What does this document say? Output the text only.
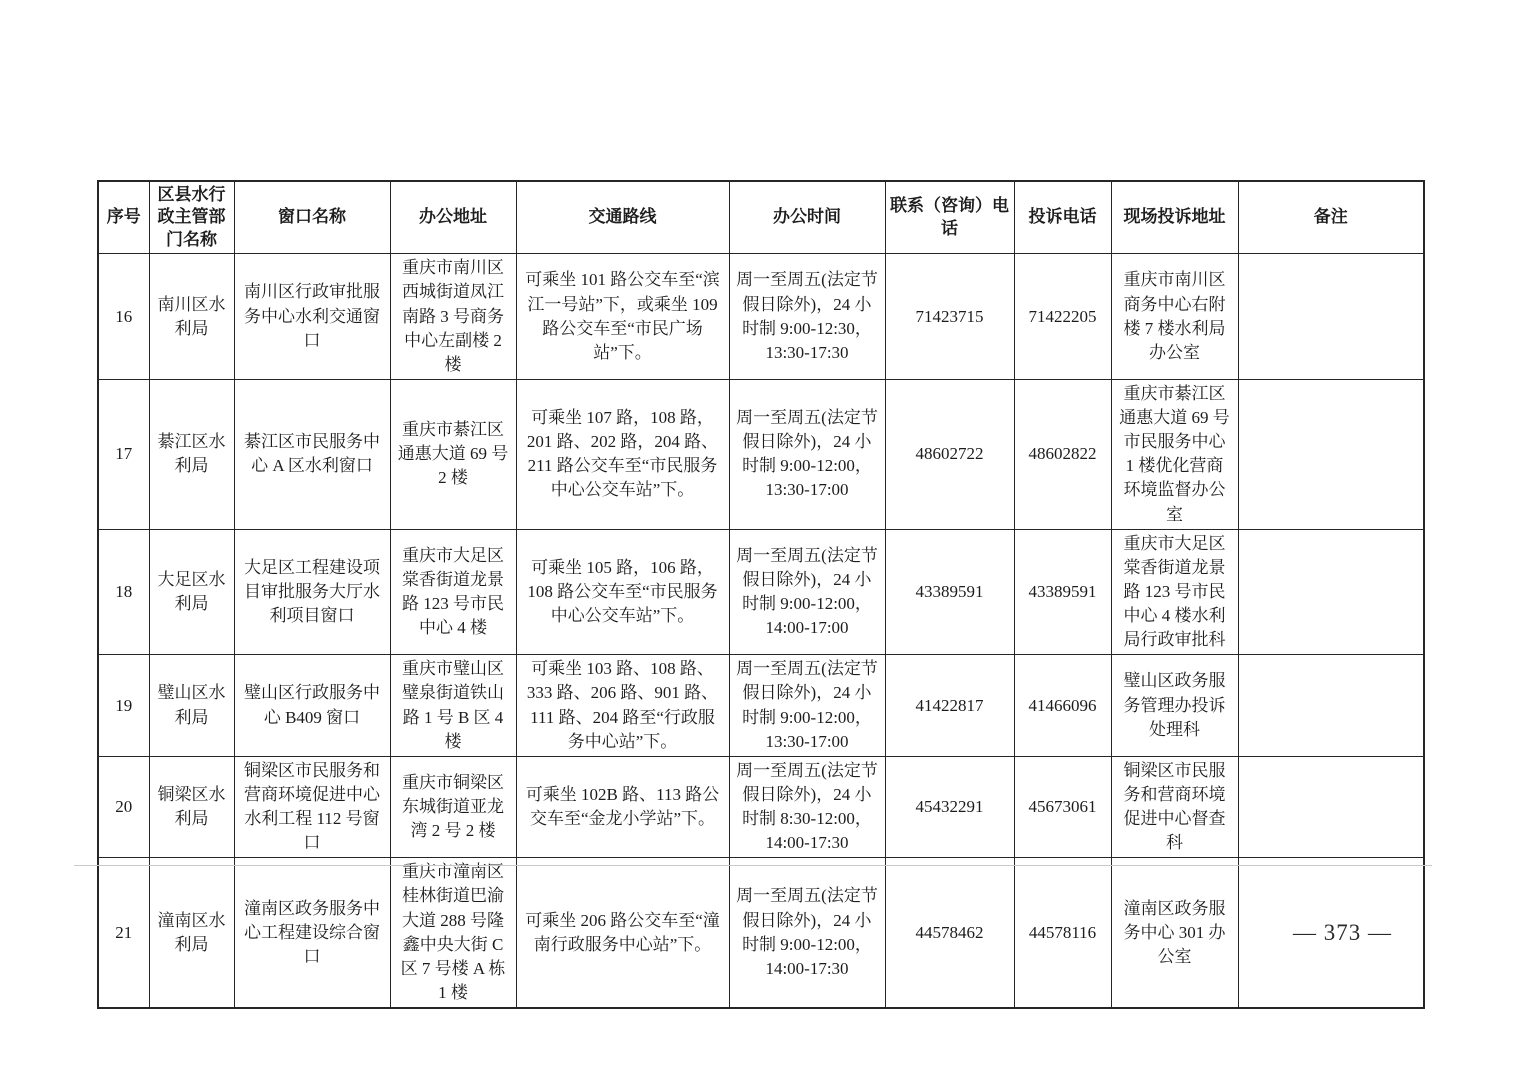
序号	区县水行政主管部门名称	窗口名称	办公地址	交通路线	办公时间	联系（咨询）电话	投诉电话	现场投诉地址	备注
16	南川区水利局	南川区行政审批服务中心水利交通窗口	重庆市南川区西城街道凤江南路 3 号商务中心左副楼 2 楼	可乘坐 101 路公交车至“滨江一号站”下，或乘坐 109 路公交车至“市民广场站”下。	周一至周五(法定节假日除外)，24 小时制 9:00-12:30，13:30-17:30	71423715	71422205	重庆市南川区商务中心右附楼 7 楼水利局办公室	
17	綦江区水利局	綦江区市民服务中心 A 区水利窗口	重庆市綦江区通惠大道 69 号 2 楼	可乘坐 107 路，108 路，201 路、202 路，204 路、211 路公交车至“市民服务中心公交车站”下。	周一至周五(法定节假日除外)，24 小时制 9:00-12:00，13:30-17:00	48602722	48602822	重庆市綦江区通惠大道 69 号市民服务中心 1 楼优化营商环境监督办公室	
18	大足区水利局	大足区工程建设项目审批服务大厅水利项目窗口	重庆市大足区棠香街道龙景路 123 号市民中心 4 楼	可乘坐 105 路，106 路，108 路公交车至“市民服务中心公交车站”下。	周一至周五(法定节假日除外)，24 小时制 9:00-12:00，14:00-17:00	43389591	43389591	重庆市大足区棠香街道龙景路 123 号市民中心 4 楼水利局行政审批科	
19	璧山区水利局	璧山区行政服务中心 B409 窗口	重庆市璧山区璧泉街道铁山路 1 号 B 区 4 楼	可乘坐 103 路、108 路、333 路、206 路、901 路、111 路、204 路至“行政服务中心站”下。	周一至周五(法定节假日除外)，24 小时制 9:00-12:00，13:30-17:00	41422817	41466096	璧山区政务服务管理办投诉处理科	
20	铜梁区水利局	铜梁区市民服务和营商环境促进中心水利工程 112 号窗口	重庆市铜梁区东城街道亚龙湾 2 号 2 楼	可乘坐 102B 路、113 路公交车至“金龙小学站”下。	周一至周五(法定节假日除外)，24 小时制 8:30-12:00，14:00-17:30	45432291	45673061	铜梁区市民服务和营商环境促进中心督查科	
21	潼南区水利局	潼南区政务服务中心工程建设综合窗口	重庆市潼南区桂林街道巴渝大道 288 号隆鑫中央大街 C 区 7 号楼 A 栋 1 楼	可乘坐 206 路公交车至“潼南行政服务中心站”下。	周一至周五(法定节假日除外)，24 小时制 9:00-12:00，14:00-17:30	44578462	44578116	潼南区政务服务中心 301 办公室	
— 373 —
